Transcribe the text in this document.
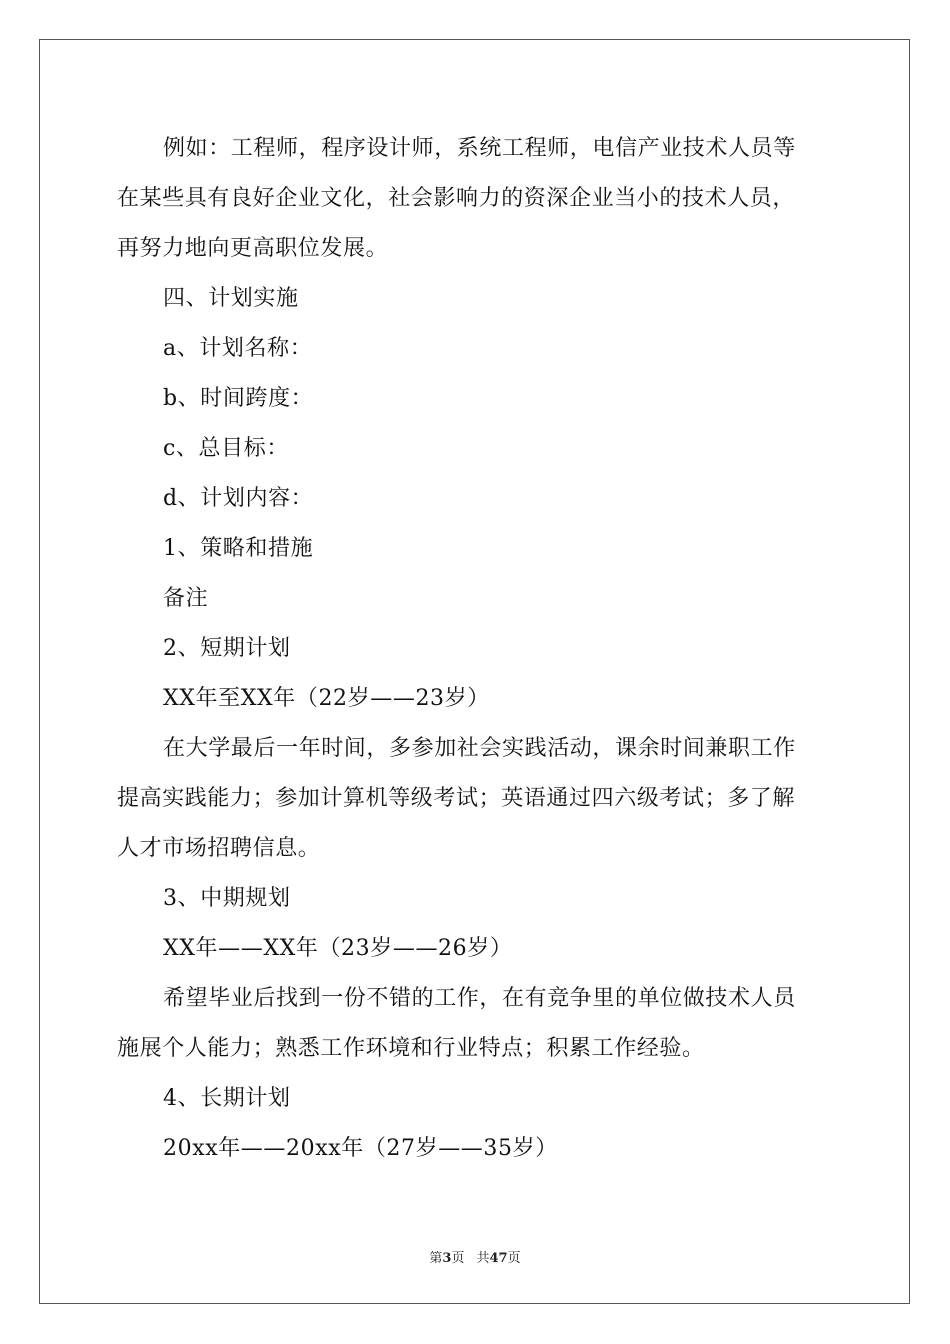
例如：工程师，程序设计师，系统工程师，电信产业技术人员等
在某些具有良好企业文化，社会影响力的资深企业当小的技术人员，
再努力地向更高职位发展。
四、计划实施
a、计划名称：
b、时间跨度：
c、总目标：
d、计划内容：
1、策略和措施
备注
2、短期计划
XX年至XX年（22岁——23岁）
在大学最后一年时间，多参加社会实践活动，课余时间兼职工作
提高实践能力；参加计算机等级考试；英语通过四六级考试；多了解
人才市场招聘信息。
3、中期规划
XX年——XX年（23岁——26岁）
希望毕业后找到一份不错的工作，在有竞争里的单位做技术人员
施展个人能力；熟悉工作环境和行业特点；积累工作经验。
4、长期计划
20xx年——20xx年（27岁——35岁）
第3页 共47页
